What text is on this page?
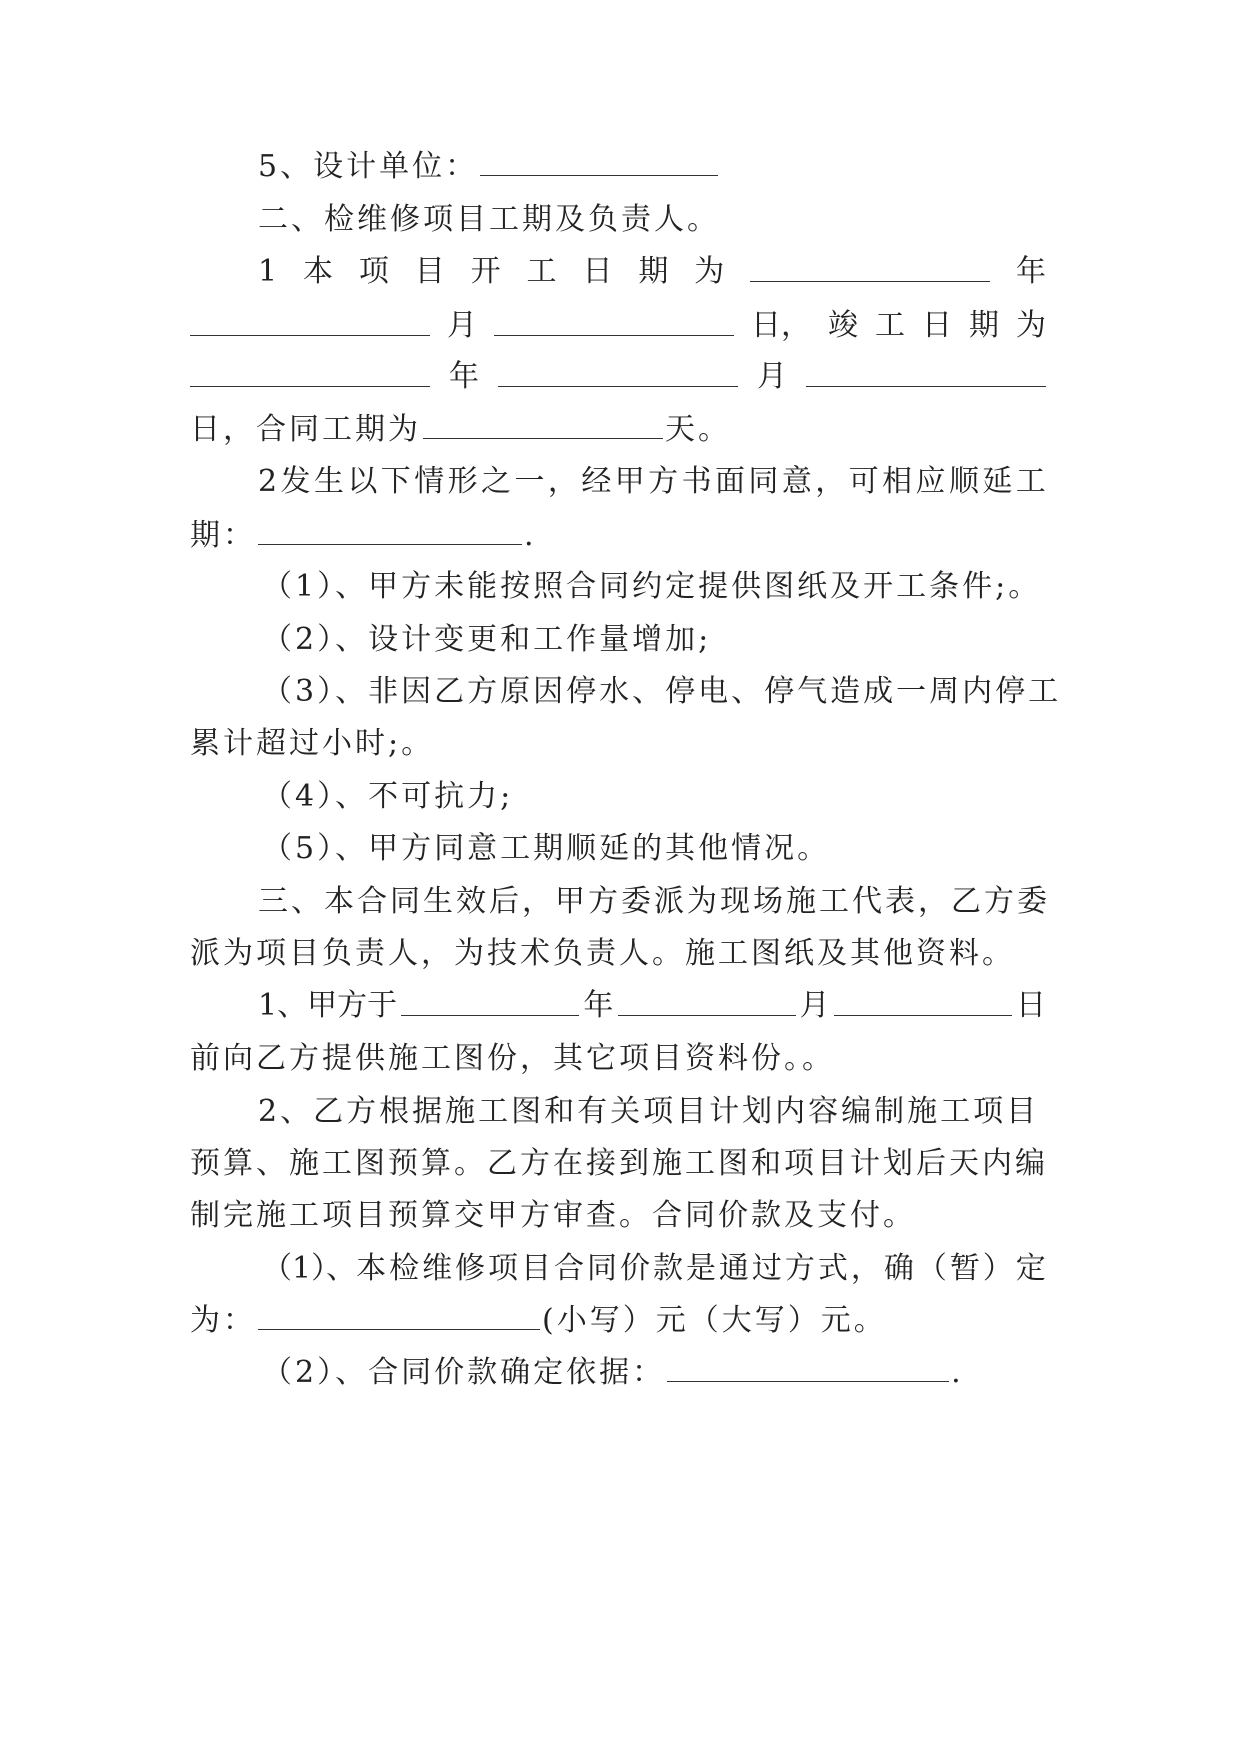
5、设计单位：
二、检维修项目工期及负责人。
1 本 项 目 开 工 日 期 为	年
月	日， 竣 工 日 期 为
年	月
日，合同工期为	天。
2 发 生 以 下 情 形 之 一 ， 经 甲 方 书 面 同 意 ， 可 相 应 顺 延 工
期：	.
（1）、甲方未能按照合同约定提供图纸及开工条件;。
（2）、设计变更和工作量增加;
（3）、非因乙方原因停水、停电、停气造成一周内停工
累计超过小时;。
（4）、不可抗力;
（5）、甲方同意工期顺延的其他情况。
三、本合同生效后，甲方委派为现场施工代表，乙方委
派为项目负责人，为技术负责人。施工图纸及其他资料。
1、甲方于	年	月	日
前向乙方提供施工图份，其它项目资料份。。
2、乙方根据施工图和有关项目计划内容编制施工项目
预算、施工图预算。乙方在接到施工图和项目计划后天内编
制完施工项目预算交甲方审查。合同价款及支付。
（1）、本 检 维 修 项 目 合 同 价 款 是 通 过 方 式 ， 确 （ 暂 ） 定
为：	(小写）元（大写）元。
（2）、合同价款确定依据：	.
